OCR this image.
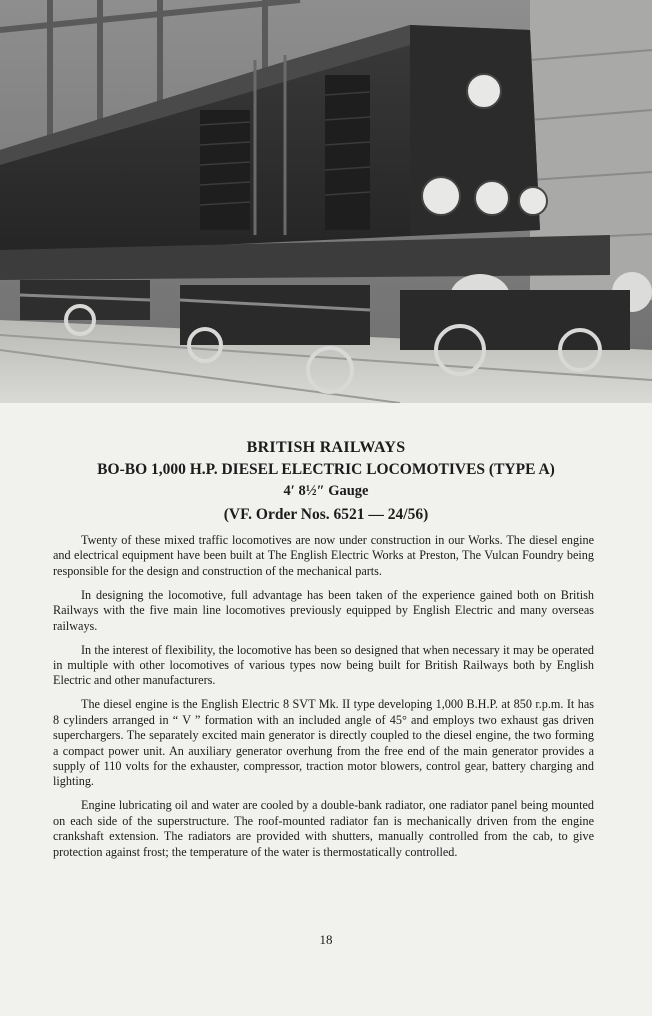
BRITISH RAILWAYS
BO-BO 1,000 H.P. DIESEL ELECTRIC LOCOMOTIVES (TYPE A)
4′ 8½″ Gauge
(VF. Order Nos. 6521 — 24/56)

Twenty of these mixed traffic locomotives are now under construction in our Works. The diesel engine and electrical equipment have been built at The English Electric Works at Preston, The Vulcan Foundry being responsible for the design and construction of the mechanical parts.

In designing the locomotive, full advantage has been taken of the experience gained both on British Railways with the five main line locomotives previously equipped by English Electric and many overseas railways.

In the interest of flexibility, the locomotive has been so designed that when necessary it may be operated in multiple with other locomotives of various types now being built for British Railways both by English Electric and other manufacturers.

The diesel engine is the English Electric 8 SVT Mk. II type developing 1,000 B.H.P. at 850 r.p.m. It has 8 cylinders arranged in “ V ” formation with an included angle of 45° and employs two exhaust gas driven superchargers. The separately excited main generator is directly coupled to the diesel engine, the two forming a compact power unit. An auxiliary generator overhung from the free end of the main generator provides a supply of 110 volts for the exhauster, compressor, traction motor blowers, control gear, battery charging and lighting.

Engine lubricating oil and water are cooled by a double-bank radiator, one radiator panel being mounted on each side of the superstructure. The roof-mounted radiator fan is mechanically driven from the engine crankshaft extension. The radiators are provided with shutters, manually controlled from the cab, to give protection against frost; the temperature of the water is thermostatically controlled.

18
